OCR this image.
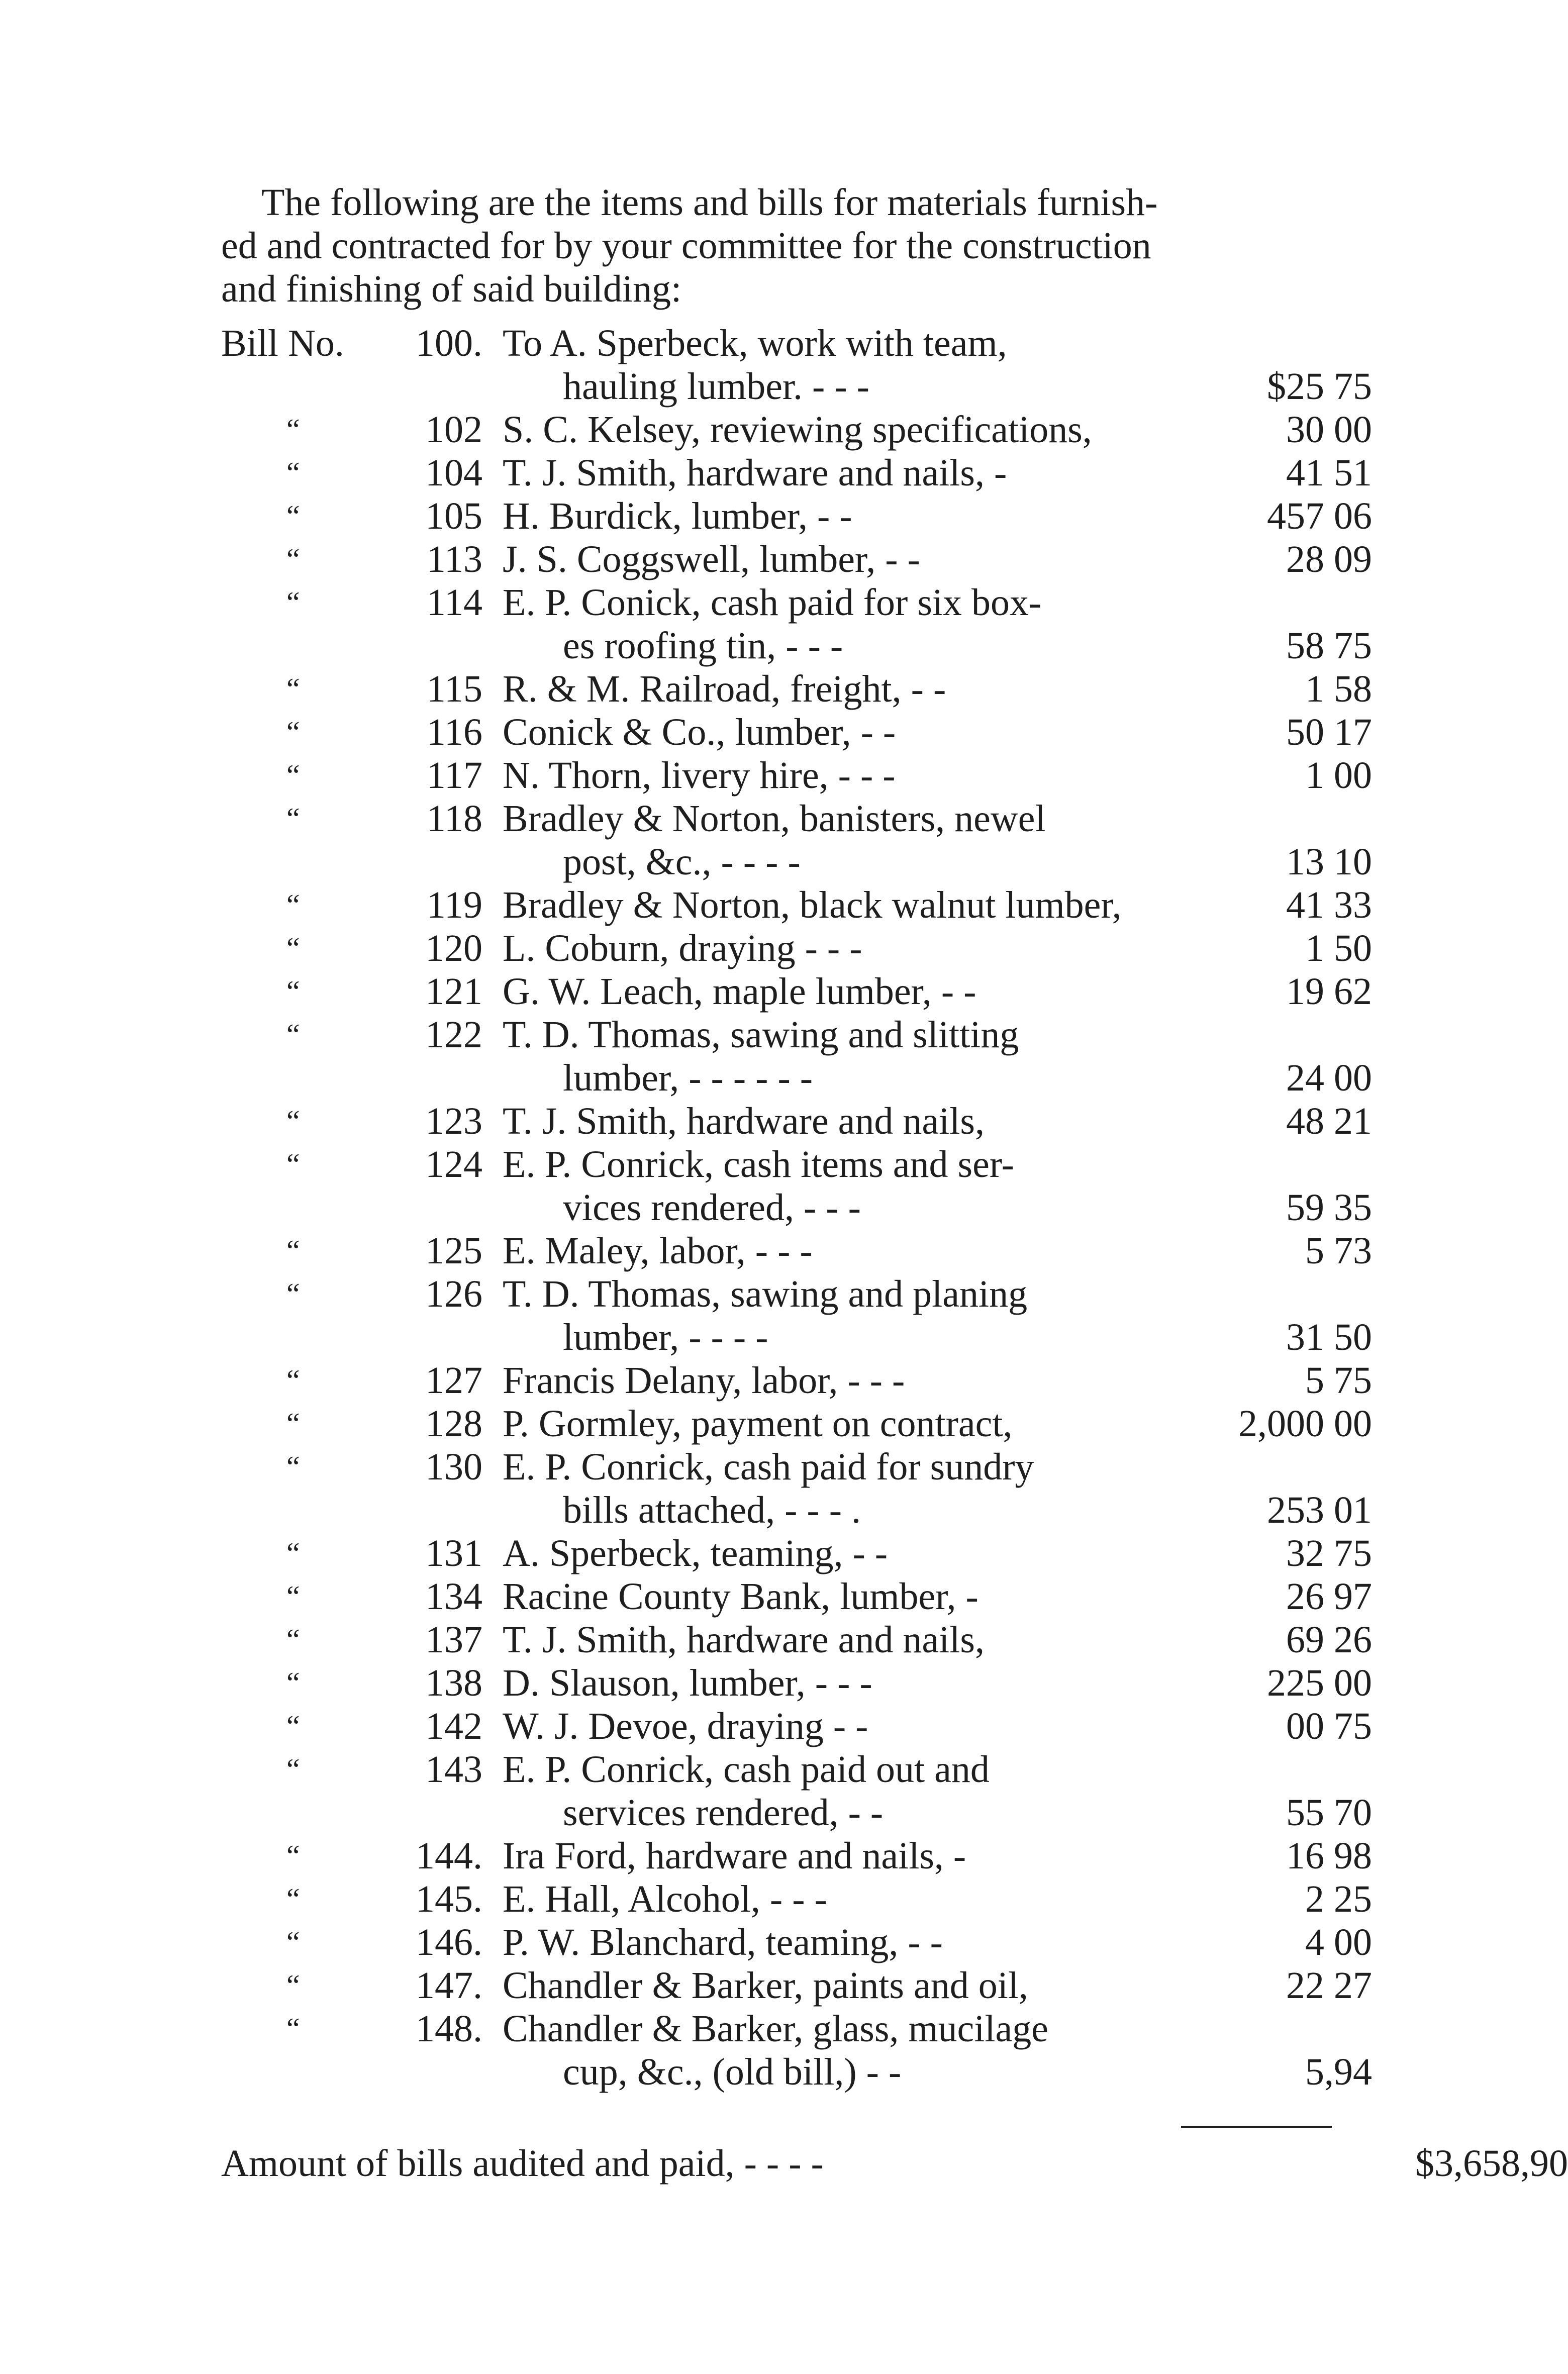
The following are the items and bills for materials furnish-
ed and contracted for by your committee for the construction
and finishing of said building:
Bill No.	100. To A. Sperbeck, work with team,
hauling lumber. - - -	$25 75
“	102 S. C. Kelsey, reviewing specifications,	30 00
“	104 T. J. Smith, hardware and nails, -	41 51
“	105 H. Burdick, lumber, - -	457 06
“	113 J. S. Coggswell, lumber, - -	28 09
“	114 E. P. Conick, cash paid for six box-
es roofing tin, - - -	58 75
“	115 R. & M. Railroad, freight, - -	1 58
“	116 Conick & Co., lumber, - -	50 17
“	117 N. Thorn, livery hire, - - -	1 00
“	118 Bradley & Norton, banisters, newel
post, &c., - - - -	13 10
“	119 Bradley & Norton, black walnut lumber,	41 33
“	120 L. Coburn, draying - - -	1 50
“	121 G. W. Leach, maple lumber, - -	19 62
“	122 T. D. Thomas, sawing and slitting
lumber, - - - - - -	24 00
“	123 T. J. Smith, hardware and nails,	48 21
“	124 E. P. Conrick, cash items and ser-
vices rendered, - - -	59 35
“	125 E. Maley, labor, - - -	5 73
“	126 T. D. Thomas, sawing and planing
lumber, - - - -	31 50
“	127 Francis Delany, labor, - - -	5 75
“	128 P. Gormley, payment on contract,	2,000 00
“	130 E. P. Conrick, cash paid for sundry
bills attached, - - - .	253 01
“	131 A. Sperbeck, teaming, - -	32 75
“	134 Racine County Bank, lumber, -	26 97
“	137 T. J. Smith, hardware and nails,	69 26
“	138 D. Slauson, lumber, - - -	225 00
“	142 W. J. Devoe, draying - -	00 75
“	143 E. P. Conrick, cash paid out and
services rendered, - -	55 70
“	144. Ira Ford, hardware and nails, -	16 98
“	145. E. Hall, Alcohol, - - -	2 25
“	146. P. W. Blanchard, teaming, - -	4 00
“	147. Chandler & Barker, paints and oil,	22 27
“	148. Chandler & Barker, glass, mucilage
cup, &c., (old bill,) - -	5,94
Amount of bills audited and paid, - - - -	$3,658,90
